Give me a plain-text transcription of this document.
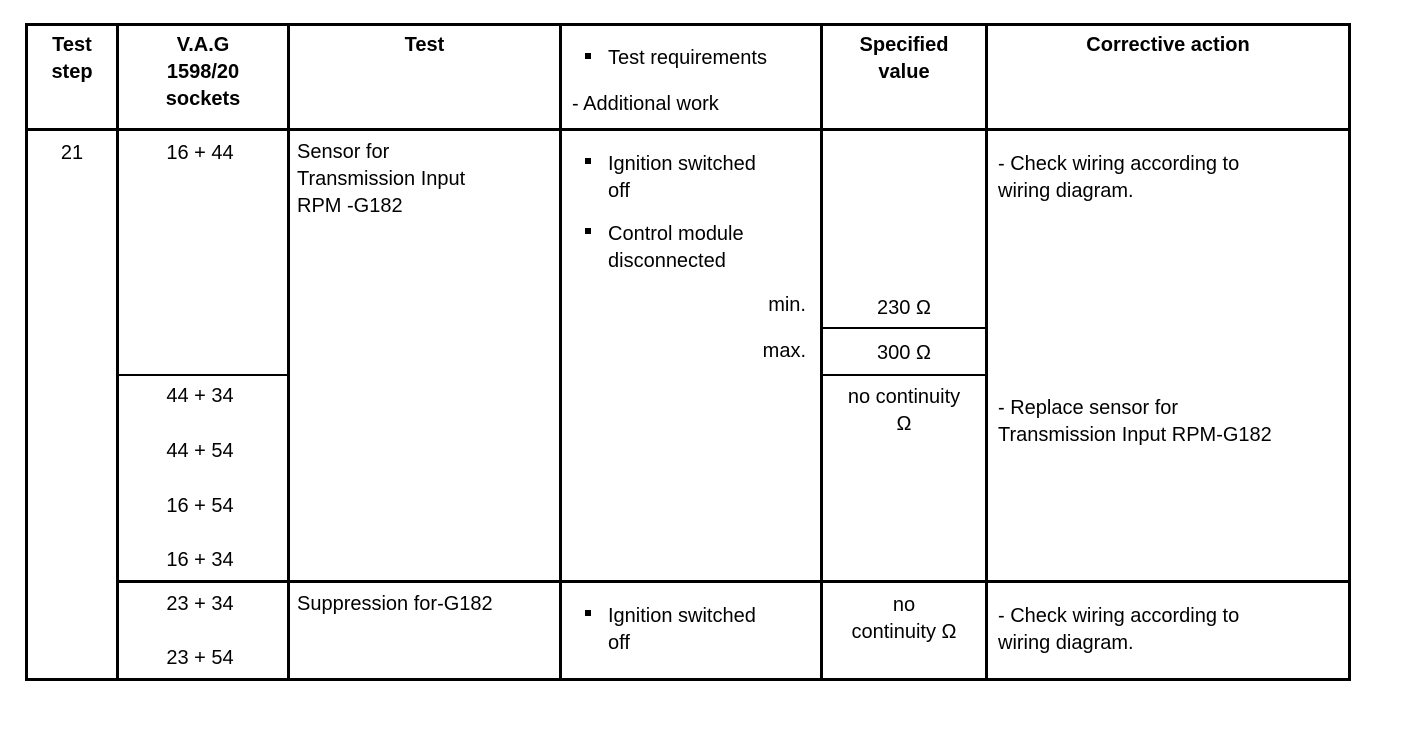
Test
step
V.A.G
1598/20
sockets
Test
Test requirements
- Additional work
Specified
value
Corrective action
21	16 + 44	Sensor for
Transmission Input
RPM -G182
Ignition switched
off
Control module
disconnected
min.
max.
230 Ω
300 Ω
- Check wiring according to
wiring diagram.
44 + 34
44 + 54
16 + 54
16 + 34
no continuity
Ω
- Replace sensor for
Transmission Input RPM-G182
23 + 34
23 + 54
Suppression for-G182
Ignition switched
off
no
continuity Ω
- Check wiring according to
wiring diagram.
